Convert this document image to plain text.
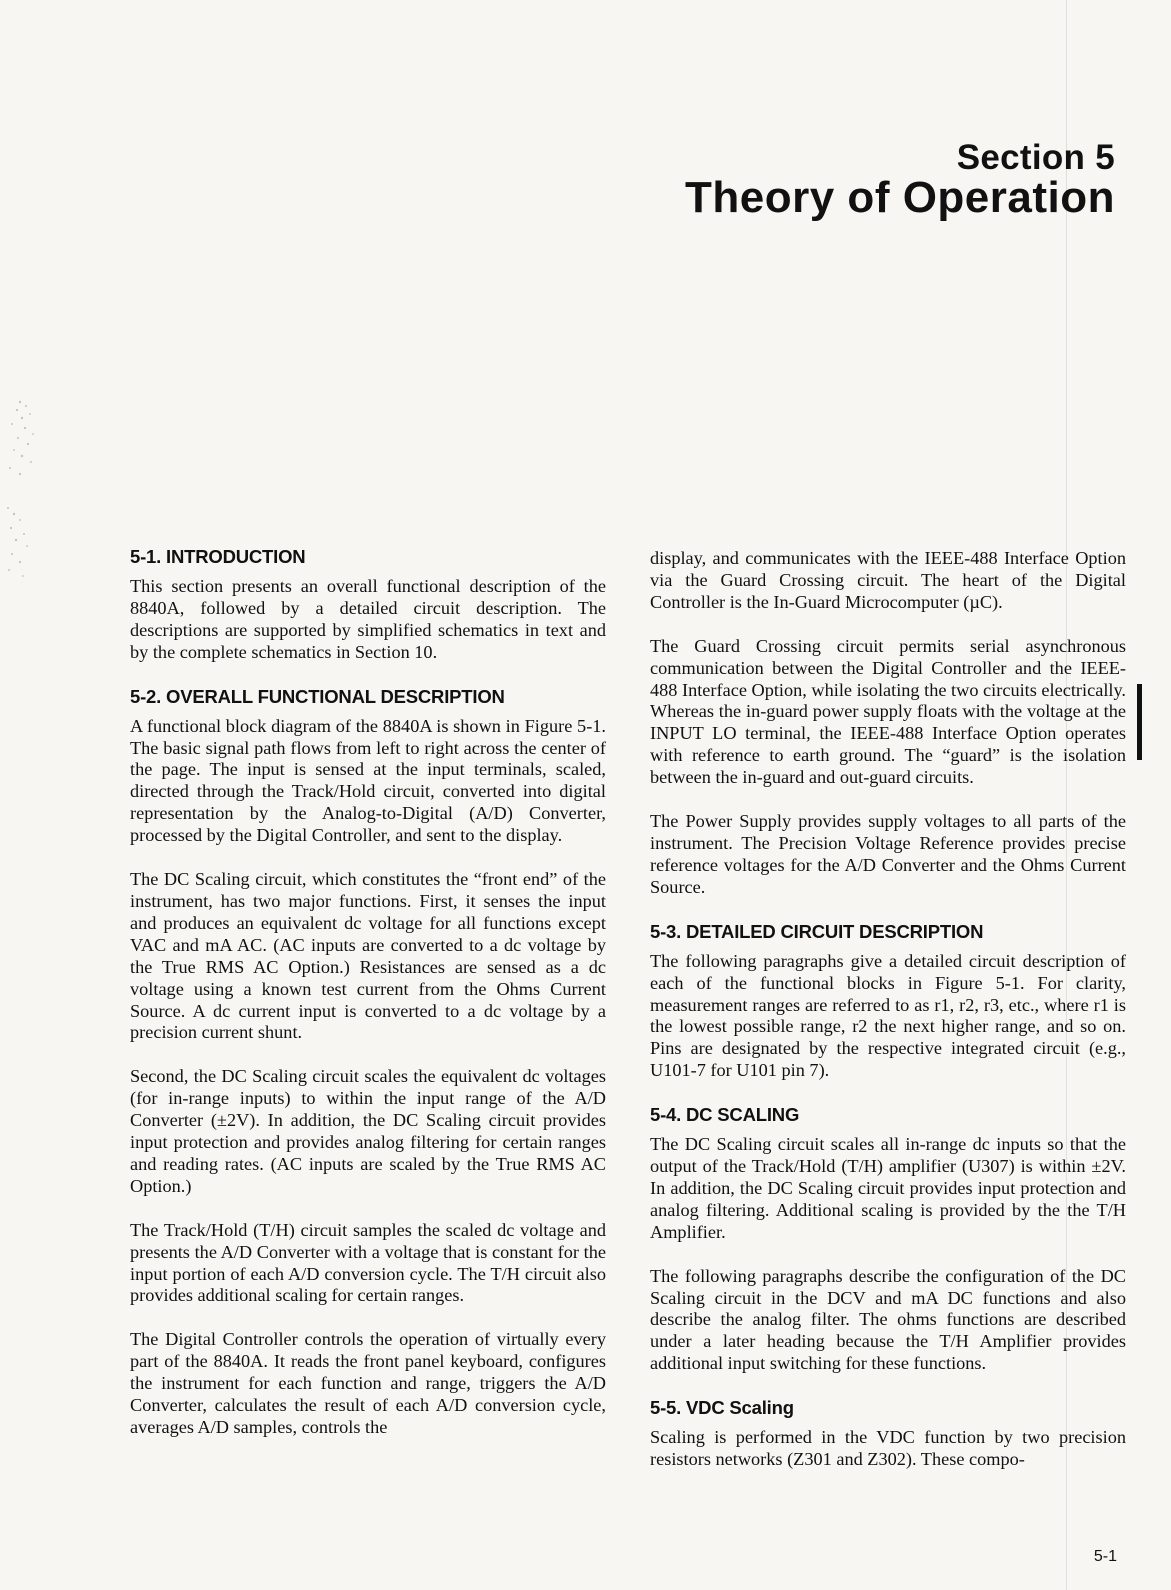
Section 5
Theory of Operation
5-1. INTRODUCTION

This section presents an overall functional description of the 8840A, followed by a detailed circuit description. The descriptions are supported by simplified schematics in text and by the complete schematics in Section 10.

5-2. OVERALL FUNCTIONAL DESCRIPTION

A functional block diagram of the 8840A is shown in Figure 5-1. The basic signal path flows from left to right across the center of the page. The input is sensed at the input terminals, scaled, directed through the Track/Hold circuit, converted into digital representation by the Analog-to-Digital (A/D) Converter, processed by the Digital Controller, and sent to the display.

The DC Scaling circuit, which constitutes the “front end” of the instrument, has two major functions. First, it senses the input and produces an equivalent dc voltage for all functions except VAC and mA AC. (AC inputs are converted to a dc voltage by the True RMS AC Option.) Resistances are sensed as a dc voltage using a known test current from the Ohms Current Source. A dc current input is converted to a dc voltage by a precision current shunt.

Second, the DC Scaling circuit scales the equivalent dc voltages (for in-range inputs) to within the input range of the A/D Converter (±2V). In addition, the DC Scaling circuit provides input protection and provides analog filtering for certain ranges and reading rates. (AC inputs are scaled by the True RMS AC Option.)

The Track/Hold (T/H) circuit samples the scaled dc voltage and presents the A/D Converter with a voltage that is constant for the input portion of each A/D conversion cycle. The T/H circuit also provides additional scaling for certain ranges.

The Digital Controller controls the operation of virtually every part of the 8840A. It reads the front panel keyboard, configures the instrument for each function and range, triggers the A/D Converter, calculates the result of each A/D conversion cycle, averages A/D samples, controls the

display, and communicates with the IEEE-488 Interface Option via the Guard Crossing circuit. The heart of the Digital Controller is the In-Guard Microcomputer (µC).

The Guard Crossing circuit permits serial asynchronous communication between the Digital Controller and the IEEE-488 Interface Option, while isolating the two circuits electrically. Whereas the in-guard power supply floats with the voltage at the INPUT LO terminal, the IEEE-488 Interface Option operates with reference to earth ground. The “guard” is the isolation between the in-guard and out-guard circuits.

The Power Supply provides supply voltages to all parts of the instrument. The Precision Voltage Reference provides precise reference voltages for the A/D Converter and the Ohms Current Source.

5-3. DETAILED CIRCUIT DESCRIPTION

The following paragraphs give a detailed circuit description of each of the functional blocks in Figure 5-1. For clarity, measurement ranges are referred to as r1, r2, r3, etc., where r1 is the lowest possible range, r2 the next higher range, and so on. Pins are designated by the respective integrated circuit (e.g., U101-7 for U101 pin 7).

5-4. DC SCALING

The DC Scaling circuit scales all in-range dc inputs so that the output of the Track/Hold (T/H) amplifier (U307) is within ±2V. In addition, the DC Scaling circuit provides input protection and analog filtering. Additional scaling is provided by the the T/H Amplifier.

The following paragraphs describe the configuration of the DC Scaling circuit in the DCV and mA DC functions and also describe the analog filter. The ohms functions are described under a later heading because the T/H Amplifier provides additional input switching for these functions.

5-5. VDC Scaling

Scaling is performed in the VDC function by two precision resistors networks (Z301 and Z302). These compo-

5-1
